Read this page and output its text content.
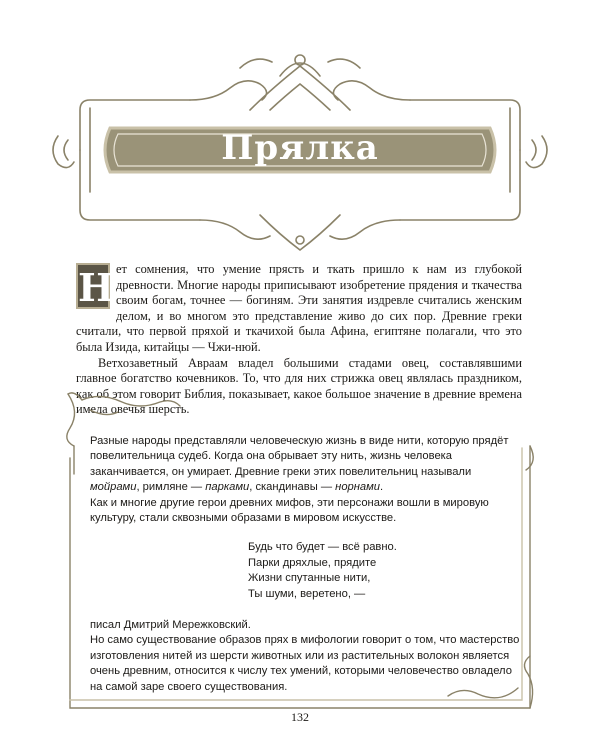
Прялка

Н ет сомнения, что умение прясть и ткать пришло к нам из глубокой древности. Многие народы приписывают изобретение прядения и ткачества своим богам, точнее — богиням. Эти занятия издревле считались женским делом, и во многом это представление живо до сих пор. Древние греки считали, что первой пряхой и ткачихой была Афина, египтяне полагали, что это была Изида, китайцы — Чжи-нюй.

Ветхозаветный Авраам владел большими стадами овец, составлявшими главное богатство кочевников. То, что для них стрижка овец являлась праздником, как об этом говорит Библия, показывает, какое большое значение в древние времена имела овечья шерсть.

Разные народы представляли человеческую жизнь в виде нити, которую прядёт повелительница судеб. Когда она обрывает эту нить, жизнь человека заканчивается, он умирает. Древние греки этих повелительниц называли мойрами, римляне — парками, скандинавы — норнами.

Как и многие другие герои древних мифов, эти персонажи вошли в мировую культуру, стали сквозными образами в мировом искусстве.

Будь что будет — всё равно.
Парки дряхлые, прядите
Жизни спутанные нити,
Ты шуми, веретено, —

писал Дмитрий Мережковский.

Но само существование образов прях в мифологии говорит о том, что мастерство изготовления нитей из шерсти животных или из растительных волокон является очень древним, относится к числу тех умений, которыми человечество овладело на самой заре своего существования.

132
